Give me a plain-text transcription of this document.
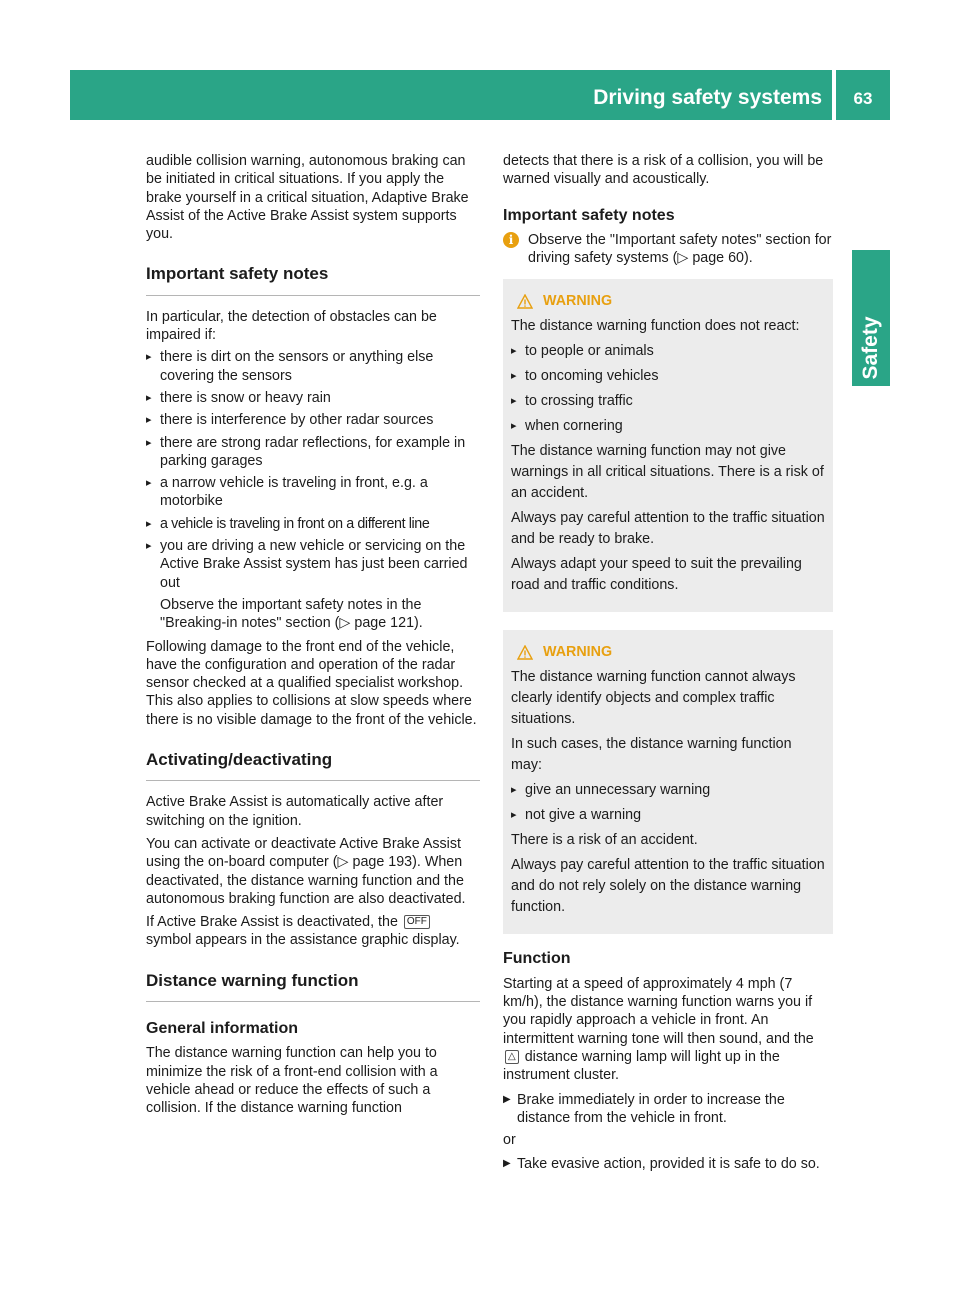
Driving safety systems	63
Safety

audible collision warning, autonomous braking can be initiated in critical situations. If you apply the brake yourself in a critical situation, Adaptive Brake Assist of the Active Brake Assist system supports you.

Important safety notes

In particular, the detection of obstacles can be impaired if:

▸ there is dirt on the sensors or anything else covering the sensors
▸ there is snow or heavy rain
▸ there is interference by other radar sources
▸ there are strong radar reflections, for example in parking garages
▸ a narrow vehicle is traveling in front, e.g. a motorbike
▸ a vehicle is traveling in front on a different line
▸ you are driving a new vehicle or servicing on the Active Brake Assist system has just been carried out

Observe the important safety notes in the "Breaking-in notes" section (▷ page 121).

Following damage to the front end of the vehicle, have the configuration and operation of the radar sensor checked at a qualified specialist workshop. This also applies to collisions at slow speeds where there is no visible damage to the front of the vehicle.

Activating/deactivating

Active Brake Assist is automatically active after switching on the ignition.

You can activate or deactivate Active Brake Assist using the on-board computer (▷ page 193). When deactivated, the distance warning function and the autonomous braking function are also deactivated.

If Active Brake Assist is deactivated, the OFF symbol appears in the assistance graphic display.

Distance warning function
General information

The distance warning function can help you to minimize the risk of a front-end collision with a vehicle ahead or reduce the effects of such a collision. If the distance warning function

detects that there is a risk of a collision, you will be warned visually and acoustically.

Important safety notes
i	Observe the "Important safety notes" section for driving safety systems (▷ page 60).
WARNING

The distance warning function does not react:

▸ to people or animals
▸ to oncoming vehicles
▸ to crossing traffic
▸ when cornering

The distance warning function may not give warnings in all critical situations. There is a risk of an accident.

Always pay careful attention to the traffic situation and be ready to brake.

Always adapt your speed to suit the prevailing road and traffic conditions.

WARNING

The distance warning function cannot always clearly identify objects and complex traffic situations.

In such cases, the distance warning function may:

▸ give an unnecessary warning
▸ not give a warning

There is a risk of an accident.

Always pay careful attention to the traffic situation and do not rely solely on the distance warning function.

Function

Starting at a speed of approximately 4 mph (7 km/h), the distance warning function warns you if you rapidly approach a vehicle in front. An intermittent warning tone will then sound, and the △ distance warning lamp will light up in the instrument cluster.

▶ Brake immediately in order to increase the distance from the vehicle in front.

or

▶ Take evasive action, provided it is safe to do so.
